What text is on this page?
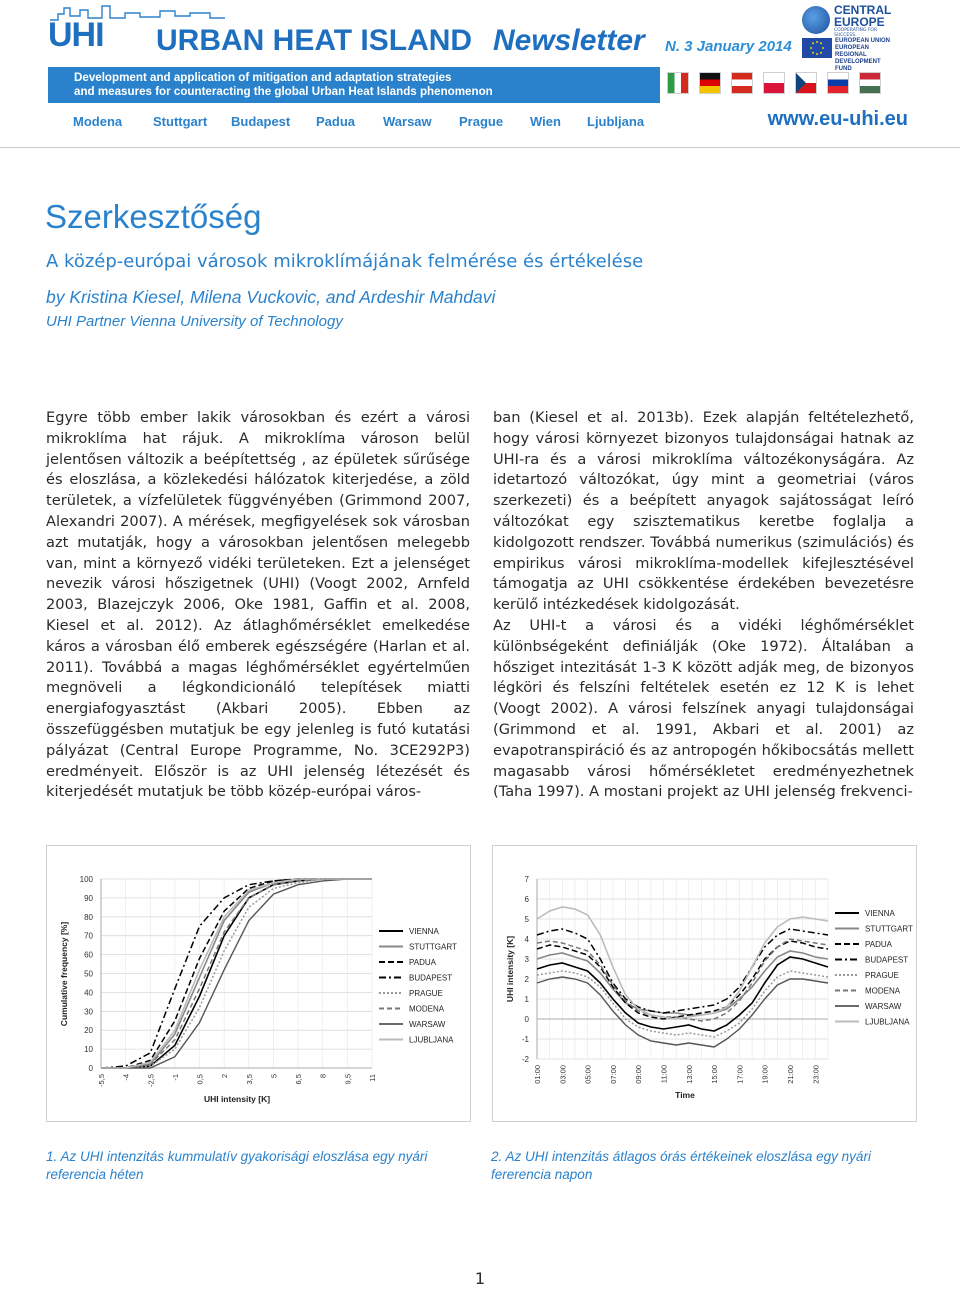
UHI URBAN HEAT ISLAND Newsletter N. 3 January 2014
Development and application of mitigation and adaptation strategies
and measures for counteracting the global Urban Heat Islands phenomenon
CENTRAL
EUROPE
COOPERATING FOR SUCCESS.
EUROPEAN UNION
EUROPEAN REGIONAL
DEVELOPMENT FUND
Modena Stuttgart Budapest Padua Warsaw Prague Wien Ljubljana	www.eu-uhi.eu
Szerkesztőség
A közép-európai városok mikroklímájának felmérése és értékelése
by Kristina Kiesel, Milena Vuckovic, and Ardeshir Mahdavi
UHI Partner Vienna University of Technology

Egyre több ember lakik városokban és ezért a városi mikroklíma hat rájuk. A mikroklíma városon belül jelentősen változik a beépítettség , az épületek sűrűsége és eloszlása, a közlekedési hálózatok kiterjedése, a zöld területek, a vízfelületek függvényében (Grimmond 2007, Alexandri 2007). A mérések, megfigyelések sok városban azt mutatják, hogy a városokban jelentősen melegebb van, mint a környező vidéki területeken. Ezt a jelenséget nevezik városi hőszigetnek (UHI) (Voogt 2002, Arnfeld 2003, Blazejczyk 2006, Oke 1981, Gaffin et al. 2008, Kiesel et al. 2012). Az átlaghőmérséklet emelkedése káros a városban élő emberek egészségére (Harlan et al. 2011). Továbbá a magas léghőmérséklet egyértelműen megnöveli a légkondicionáló telepítések miatti energiafogyasztást (Akbari 2005). Ebben az összefüggésben mutatjuk be egy jelenleg is futó kutatási pályázat (Central Europe Programme, No. 3CE292P3) eredményeit. Először is az UHI jelenség létezését és kiterjedését mutatjuk be több közép-európai város-

ban (Kiesel et al. 2013b). Ezek alapján feltételezhető, hogy városi környezet bizonyos tulajdonságai hatnak az UHI-ra és a városi mikroklíma változékonyságára. Az idetartozó változókat, úgy mint a geometriai (város szerkezeti) és a beépített anyagok sajátosságat leíró változókat egy szisztematikus keretbe foglalja a kidolgozott rendszer. Továbbá numerikus (szimulációs) és empirikus városi mikroklíma-modellek kifejlesztésével támogatja az UHI csökkentése érdekében bevezetésre kerülő intézkedések kidolgozását.

Az UHI-t a városi és a vidéki léghőmérséklet különbségeként definiálják (Oke 1972). Általában a hősziget intezitását 1-3 K között adják meg, de bizonyos légköri és felszíni feltételek esetén ez 12 K is lehet (Voogt 2002). A városi felszínek anyagi tulajdonságai (Grimmond et al. 1991, Akbari et al. 2001) az evapotranspiráció és az antropogén hőkibocsátás mellett magasabb városi hőmérsékletet eredményezhetnek (Taha 1997). A mostani projekt az UHI jelenség frekvenci-

0
10
20
30
40
50
60
70
80
90
100
-5,5 -4 -2,5 -1 0,5 2 3,5 5 6,5 8 9,5 11
VIENNA
STUTTGART
PADUA
BUDAPEST
PRAGUE
MODENA
WARSAW
LJUBLJANA
UHI intensity [K]
Cumulative frequency [%]
-2
-1
0
1
2
3
4
5
6
7
01:00 03:00 05:00 07:00 09:00 11:00 13:00 15:00 17:00 19:00 21:00 23:00
VIENNA
STUTTGART
PADUA
BUDAPEST
PRAGUE
MODENA
WARSAW
LJUBLJANA
Time
UHI intensity [K]
1. Az UHI intenzitás kummulatív gyakorisági eloszlása egy nyári referencia héten
2. Az UHI intenzitás átlagos órás értékeinek eloszlása egy nyári fererencia napon
1
